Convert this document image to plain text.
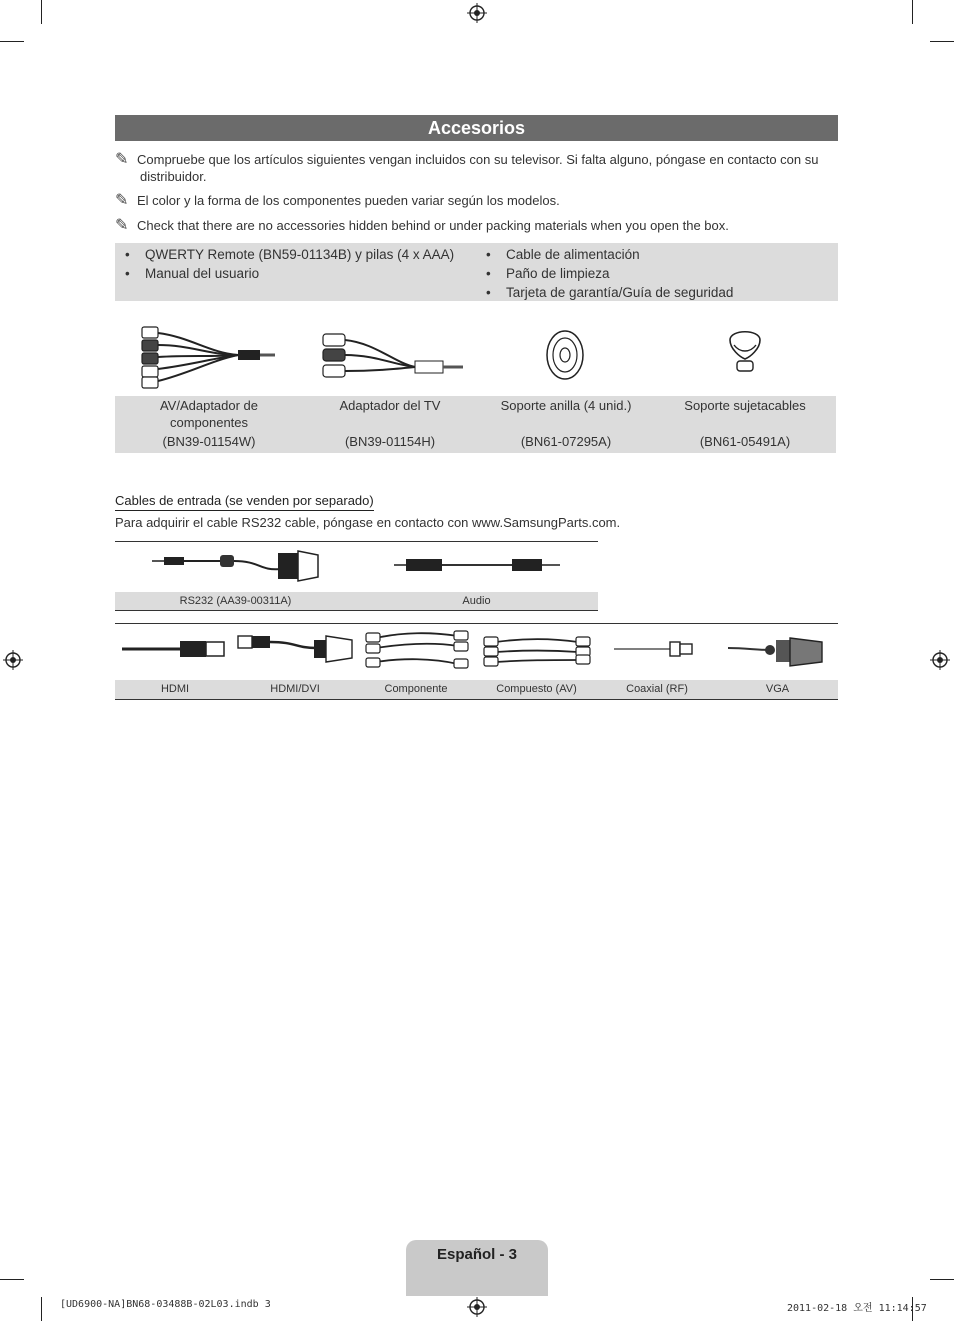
Accesorios
✎ Compruebe que los artículos siguientes vengan incluidos con su televisor. Si falta alguno, póngase en contacto con su
distribuidor.
✎ El color y la forma de los componentes pueden variar según los modelos.
✎ Check that there are no accessories hidden behind or under packing materials when you open the box.
• QWERTY Remote (BN59-01134B) y pilas (4 x AAA)
• Manual del usuario
• Cable de alimentación
• Paño de limpieza
• Tarjeta de garantía/Guía de seguridad
AV/Adaptador de componentes
(BN39-01154W)
Adaptador del TV
(BN39-01154H)
Soporte anilla (4 unid.)
(BN61-07295A)
Soporte sujetacables
(BN61-05491A)
Cables de entrada (se venden por separado)
Para adquirir el cable RS232 cable, póngase en contacto con www.SamsungParts.com.
RS232 (AA39-00311A)	Audio
HDMI	HDMI/DVI	Componente	Compuesto (AV)	Coaxial (RF)	VGA
Español - 3
[UD6900-NA]BN68-03488B-02L03.indb 3	2011-02-18 오전 11:14:57
